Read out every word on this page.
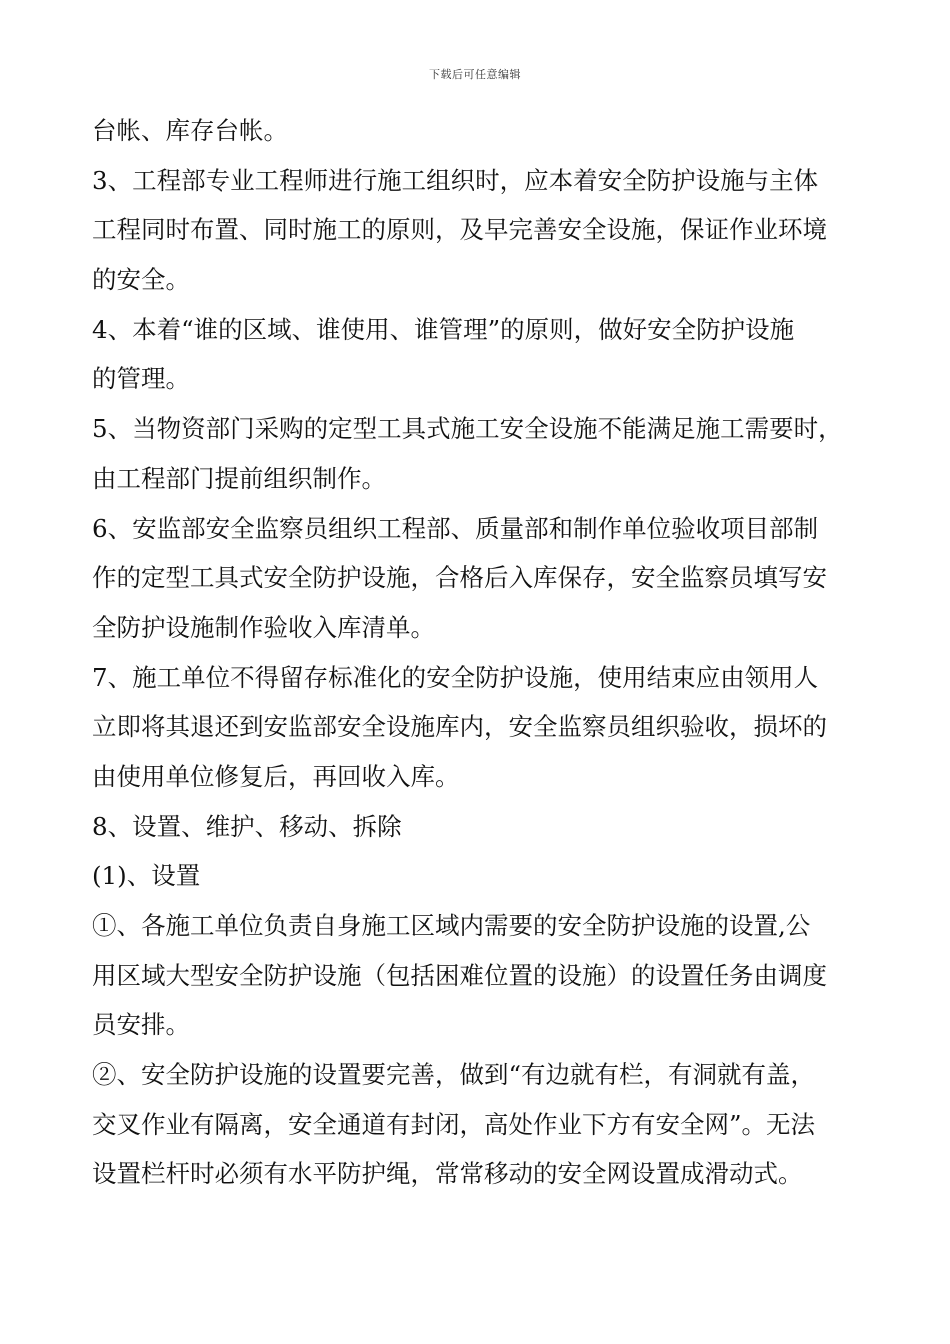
下载后可任意编辑
台帐、库存台帐。
3、工程部专业工程师进行施工组织时，应本着安全防护设施与主体
工程同时布置、同时施工的原则，及早完善安全设施，保证作业环境
的安全。
4、本着“谁的区域、谁使用、谁管理”的原则，做好安全防护设施
的管理。
5、当物资部门采购的定型工具式施工安全设施不能满足施工需要时，
由工程部门提前组织制作。
6、安监部安全监察员组织工程部、质量部和制作单位验收项目部制
作的定型工具式安全防护设施，合格后入库保存，安全监察员填写安
全防护设施制作验收入库清单。
7、施工单位不得留存标准化的安全防护设施，使用结束应由领用人
立即将其退还到安监部安全设施库内，安全监察员组织验收，损坏的
由使用单位修复后，再回收入库。
8、设置、维护、移动、拆除
(1)、设置
①、各施工单位负责自身施工区域内需要的安全防护设施的设置,公
用区域大型安全防护设施（包括困难位置的设施）的设置任务由调度
员安排。
②、安全防护设施的设置要完善，做到“有边就有栏，有洞就有盖，
交叉作业有隔离，安全通道有封闭，高处作业下方有安全网”。无法
设置栏杆时必须有水平防护绳，常常移动的安全网设置成滑动式。
